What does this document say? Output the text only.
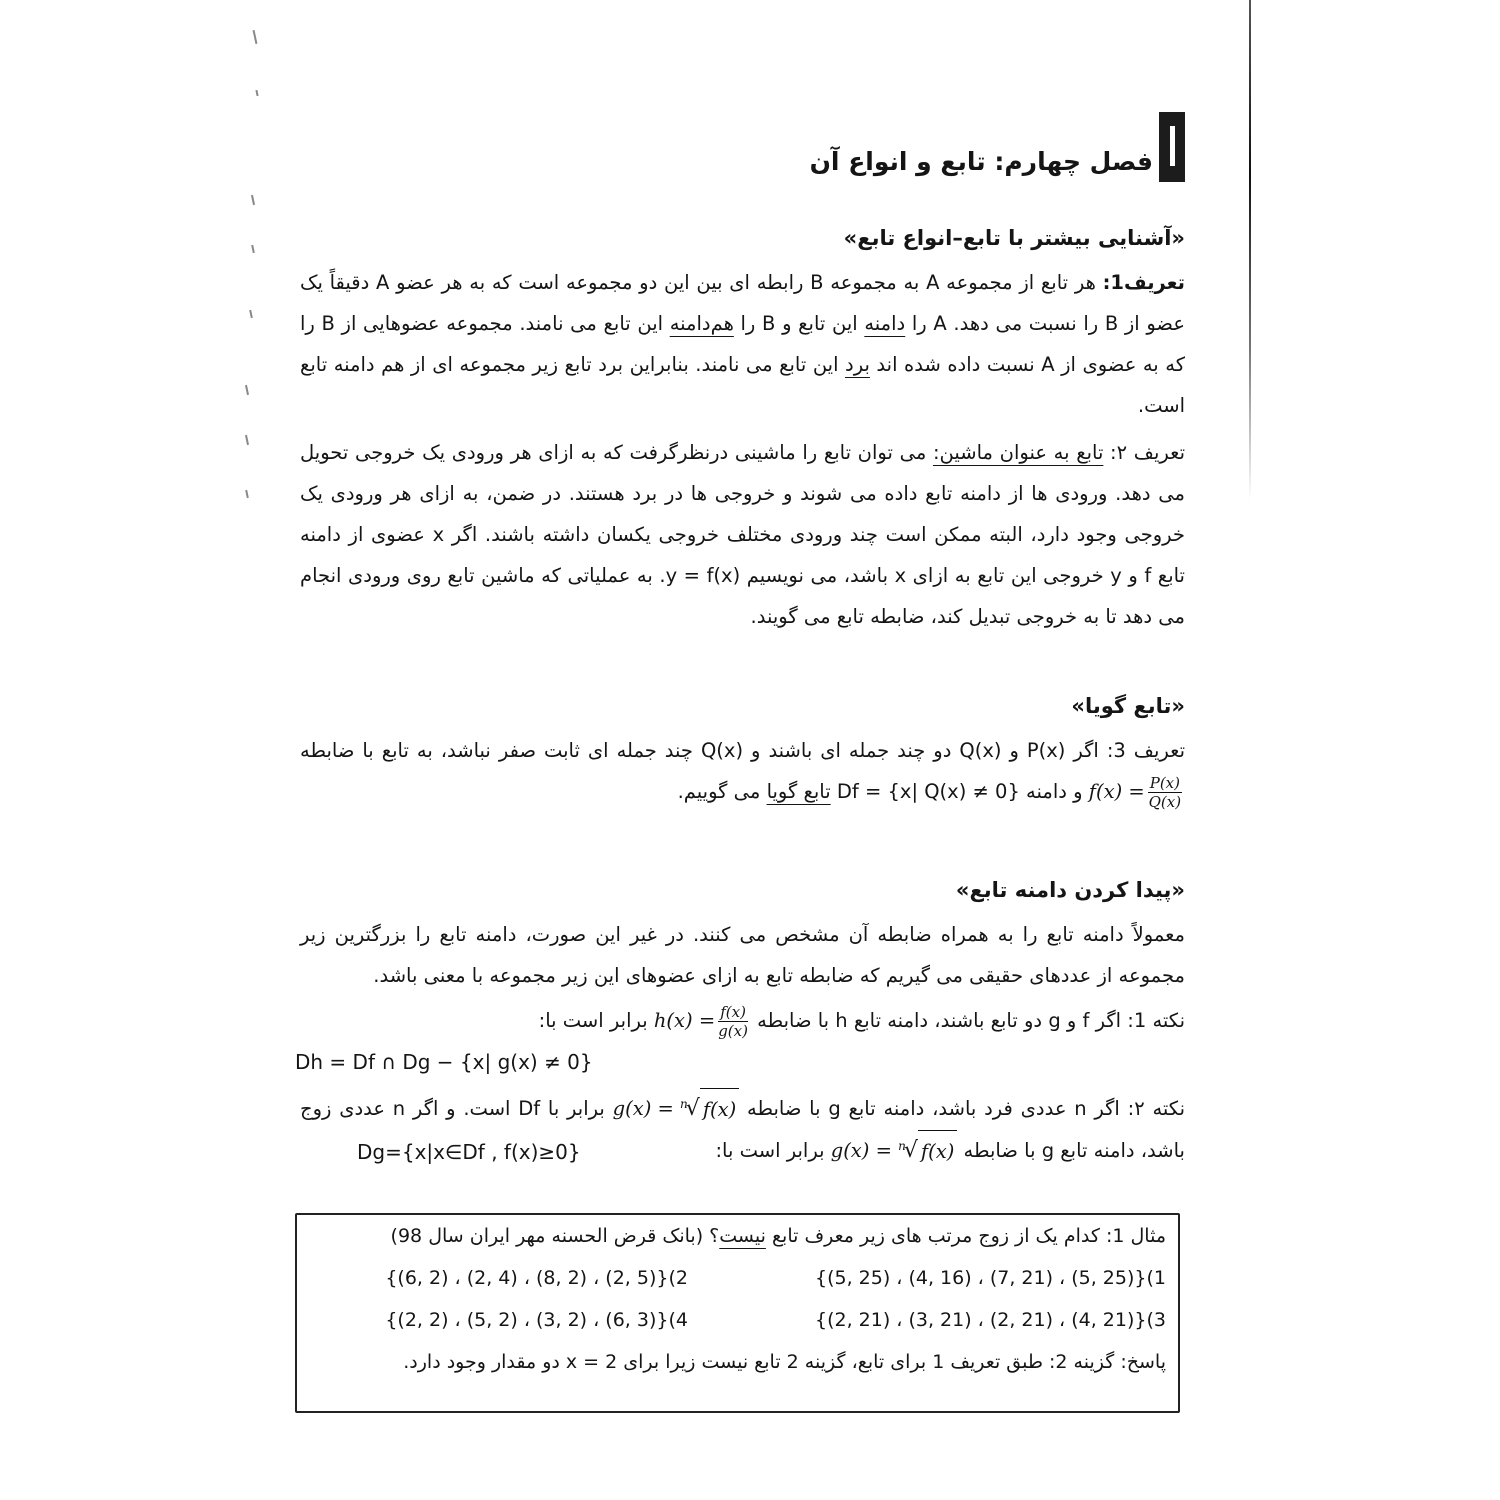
فصل چهارم: تابع و انواع آن
«آشنایی بیشتر با تابع–انواع تابع»
تعریف1: هر تابع از مجموعه A به مجموعه B رابطه ای بین این دو مجموعه است که به هر عضو A دقیقاً یک عضو از B را نسبت می دهد. A را دامنه این تابع و B را هم‌دامنه این تابع می نامند. مجموعه عضوهایی از B را که به عضوی از A نسبت داده شده اند برد این تابع می نامند. بنابراین برد تابع زیر مجموعه ای از هم دامنه تابع است.
تعریف ۲: تابع به عنوان ماشین: می توان تابع را ماشینی درنظرگرفت که به ازای هر ورودی یک خروجی تحویل می دهد. ورودی ها از دامنه تابع داده می شوند و خروجی ها در برد هستند. در ضمن، به ازای هر ورودی یک خروجی وجود دارد، البته ممکن است چند ورودی مختلف خروجی یکسان داشته باشند. اگر x عضوی از دامنه تابع f و y خروجی این تابع به ازای x باشد، می نویسیم y = f(x). به عملیاتی که ماشین تابع روی ورودی انجام می دهد تا به خروجی تبدیل کند، ضابطه تابع می گویند.
«تابع گویا»
تعریف 3: اگر P(x) و Q(x) دو چند جمله ای باشند و Q(x) چند جمله ای ثابت صفر نباشد، به تابع با ضابطه $f(x) = \frac{P(x)}{Q(x)}$
و دامنه Df = {x| Q(x) ≠ 0} تابع گویا می گوییم.
«پیدا کردن دامنه تابع»
معمولاً دامنه تابع را به همراه ضابطه آن مشخص می کنند. در غیر این صورت، دامنه تابع را بزرگترین زیر مجموعه از عددهای حقیقی می گیریم که ضابطه تابع به ازای عضوهای این زیر مجموعه با معنی باشد.
نکته 1: اگر f و g دو تابع باشند، دامنه تابع h با ضابطه $h(x) = \frac{f(x)}{g(x)}$
برابر است با:
Dh = Df ∩ Dg − {x| g(x) ≠ 0}
نکته ۲: اگر n عددی فرد باشد، دامنه تابع g با ضابطه
g(x) =
n
√ f(x)
برابر با Df است. و اگر n عددی زوج باشد، دامنه تابع g با ضابطه
g(x) =
n
√ f(x)
برابر است با:
Dg={x|x∈Df , f(x)≥0}
مثال 1: کدام یک از زوج مرتب های زیر معرف تابع نیست؟ (بانک قرض الحسنه مهر ایران سال 98)
1){(5, 25) ، (4, 16) ، (7, 21) ، (5, 25)}
2){(6, 2) ، (2, 4) ، (8, 2) ، (2, 5)}
3){(2, 21) ، (3, 21) ، (2, 21) ، (4, 21)}
4){(2, 2) ، (5, 2) ، (3, 2) ، (6, 3)}
پاسخ: گزینه 2: طبق تعریف 1 برای تابع، گزینه 2 تابع نیست زیرا برای x = 2 دو مقدار وجود دارد.
